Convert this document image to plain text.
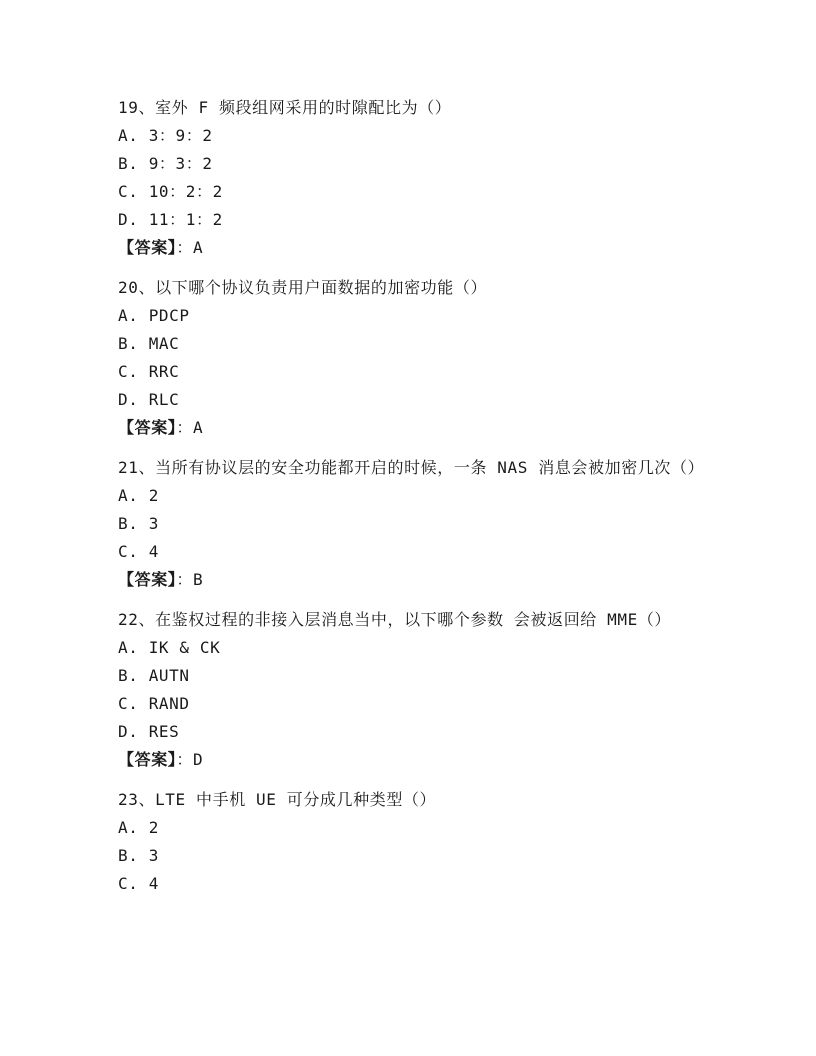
19、室外 F 频段组网采用的时隙配比为（）

A. 3：9：2

B. 9：3：2

C. 10：2：2

D. 11：1：2

【答案】：A

20、以下哪个协议负责用户面数据的加密功能（）

A. PDCP

B. MAC

C. RRC

D. RLC

【答案】：A

21、当所有协议层的安全功能都开启的时候，一条 NAS 消息会被加密几次（）

A. 2

B. 3

C. 4

【答案】：B

22、在鉴权过程的非接入层消息当中，以下哪个参数 会被返回给 MME（）

A. IK & CK

B. AUTN

C. RAND

D. RES

【答案】：D

23、LTE 中手机 UE 可分成几种类型（）

A. 2

B. 3

C. 4
